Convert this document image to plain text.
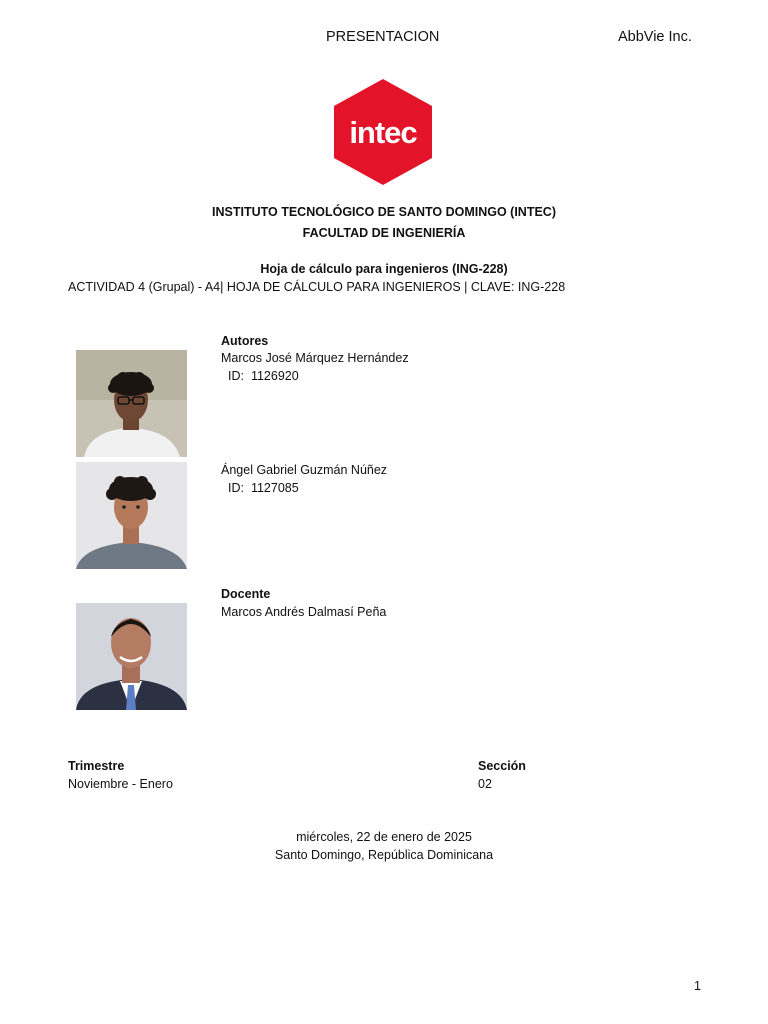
PRESENTACION	AbbVie Inc.
intec
INSTITUTO TECNOLÓGICO DE SANTO DOMINGO (INTEC)
FACULTAD DE INGENIERÍA
Hoja de cálculo para ingenieros (ING-228)
ACTIVIDAD 4 (Grupal) - A4| HOJA DE CÁLCULO PARA INGENIEROS | CLAVE: ING-228
Autores
Marcos José Márquez Hernández
ID: 1126920
Ángel Gabriel Guzmán Núñez
ID: 1127085
Docente
Marcos Andrés Dalmasí Peña
Trimestre
Noviembre - Enero
Sección
02
miércoles, 22 de enero de 2025
Santo Domingo, República Dominicana
1
